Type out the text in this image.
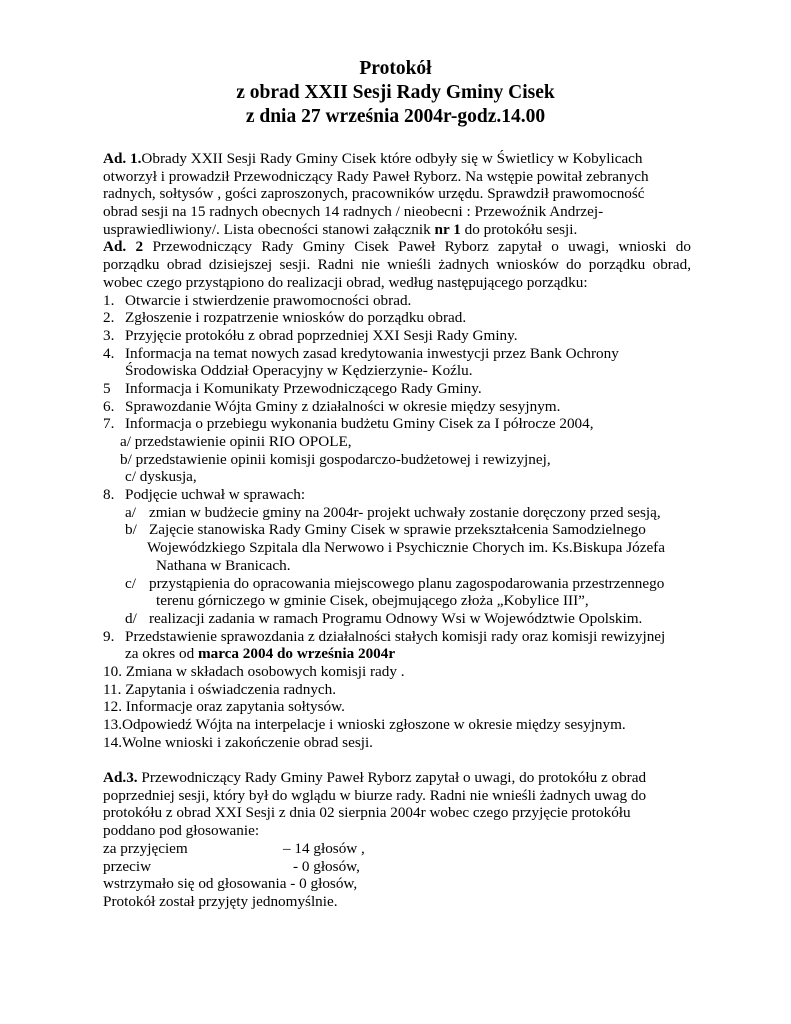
Protokół
z obrad XXII Sesji Rady Gminy Cisek
z dnia 27 września 2004r-godz.14.00
Ad. 1.Obrady XXII Sesji Rady Gminy Cisek które odbyły się w Świetlicy w Kobylicach
otworzył i prowadził Przewodniczący Rady Paweł Ryborz. Na wstępie powitał zebranych
radnych, sołtysów , gości zaproszonych, pracowników urzędu. Sprawdził prawomocność
obrad sesji na 15 radnych obecnych 14 radnych / nieobecni : Przewoźnik Andrzej-
usprawiedliwiony/. Lista obecności stanowi załącznik nr 1 do protokółu sesji.
Ad. 2 Przewodniczący Rady Gminy Cisek Paweł Ryborz zapytał o uwagi, wnioski do
porządku obrad dzisiejszej sesji. Radni nie wnieśli żadnych wniosków do porządku obrad,
wobec czego przystąpiono do realizacji obrad, według następującego porządku:
1. Otwarcie i stwierdzenie prawomocności obrad.
2. Zgłoszenie i rozpatrzenie wniosków do porządku obrad.
3. Przyjęcie protokółu z obrad poprzedniej XXI Sesji Rady Gminy.
4. Informacja na temat nowych zasad kredytowania inwestycji przez Bank Ochrony
Środowiska Oddział Operacyjny w Kędzierzynie- Koźlu.
5 Informacja i Komunikaty Przewodniczącego Rady Gminy.
6. Sprawozdanie Wójta Gminy z działalności w okresie między sesyjnym.
7. Informacja o przebiegu wykonania budżetu Gminy Cisek za I półrocze 2004,
a/ przedstawienie opinii RIO OPOLE,
b/ przedstawienie opinii komisji gospodarczo-budżetowej i rewizyjnej,
c/ dyskusja,
8. Podjęcie uchwał w sprawach:
a/ zmian w budżecie gminy na 2004r- projekt uchwały zostanie doręczony przed sesją,
b/ Zajęcie stanowiska Rady Gminy Cisek w sprawie przekształcenia Samodzielnego
Wojewódzkiego Szpitala dla Nerwowo i Psychicznie Chorych im. Ks.Biskupa Józefa
Nathana w Branicach.
c/ przystąpienia do opracowania miejscowego planu zagospodarowania przestrzennego
terenu górniczego w gminie Cisek, obejmującego złoża „Kobylice III”,
d/ realizacji zadania w ramach Programu Odnowy Wsi w Województwie Opolskim.
9. Przedstawienie sprawozdania z działalności stałych komisji rady oraz komisji rewizyjnej
za okres od marca 2004 do września 2004r
10. Zmiana w składach osobowych komisji rady .
11. Zapytania i oświadczenia radnych.
12. Informacje oraz zapytania sołtysów.
13.Odpowiedź Wójta na interpelacje i wnioski zgłoszone w okresie między sesyjnym.
14.Wolne wnioski i zakończenie obrad sesji.
Ad.3. Przewodniczący Rady Gminy Paweł Ryborz zapytał o uwagi, do protokółu z obrad
poprzedniej sesji, który był do wglądu w biurze rady. Radni nie wnieśli żadnych uwag do
protokółu z obrad XXI Sesji z dnia 02 sierpnia 2004r wobec czego przyjęcie protokółu
poddano pod głosowanie:
za przyjęciem	– 14 głosów ,
przeciw	- 0 głosów,
wstrzymało się od głosowania - 0 głosów,
Protokół został przyjęty jednomyślnie.
